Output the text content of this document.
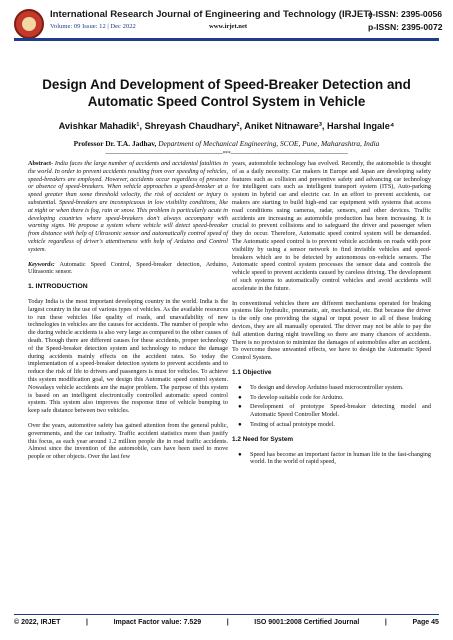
International Research Journal of Engineering and Technology (IRJET)
e-ISSN: 2395-0056
Volume: 09 Issue: 12 | Dec 2022	www.irjet.net	p-ISSN: 2395-0072
Design And Development of Speed-Breaker Detection and Automatic Speed Control System in Vehicle
Avishkar Mahadik¹, Shreyash Chaudhary², Aniket Nitnaware³, Harshal Ingale⁴
Professor Dr. T.A. Jadhav, Department of Mechanical Engineering, SCOE, Pune, Maharashtra, India
---------------------------------------------------------------------***---------------------------------------------------------------------

Abstract- India faces the large number of accidents and accidental fatalities in the world. In order to prevent accidents resulting from over speeding of vehicles, speed-breakers are employed. However, accidents occur regardless of presence or absence of speed-breakers. When vehicle approaches a speed-breaker at a speed greater than some threshold velocity, the risk of accident or injury is substantial. Speed-breakers are inconspicuous in low visibility conditions, like at night or when there is fog, rain or snow. This problem is particularly acute in developing countries where speed-breakers don't always accompany with warning signs. We propose a system where vehicle will detect speed-breaker from distance with help of Ultrasonic sensor and automatically control speed of vehicle regardless of driver's attentiveness with help of Arduino and Control system.

Keywords: Automatic Speed Control, Speed-breaker detection, Arduino, Ultrasonic sensor.

1. INTRODUCTION

Today India is the most important developing country in the world. India is the largest country in the use of various types of vehicles. As the available resources to run these vehicles like quality of roads, and unavailability of new technologies in vehicles are the causes for accidents. The number of people who die during vehicle accidents is also very large as compared to the other causes of death. Though there are different causes for these accidents, proper technology of the Speed-breaker detection system and technology to reduce the damage during accidents mainly effects on the accident rates. So today the implementation of a speed-breaker detection system to prevent accidents and to reduce the risk of life to drivers and passengers is must for vehicles. To achieve this system modification goal, we design this Automatic speed control system. Nowadays vehicle accidents are the major problem. The purpose of this system is based on an intelligent electronically controlled automatic speed control system. This system also improves the response time of vehicle bumping to keep safe distance between two vehicles.

Over the years, automotive safety has gained attention from the general public, governments, and the car industry. Traffic accident statistics more than justify this focus, as each year around 1.2 million people die in road traffic accidents. Almost since the invention of the automobile, cars have been used to move people or other objects. Over the last few

years, automobile technology has evolved. Recently, the automobile is thought of as a daily necessity. Car makers in Europe and Japan are developing safety features such as collision and preventive safety and advancing car technology for intelligent cars such as intelligent transport system (ITS), Auto-parking system in hybrid car and electric car. In an effort to prevent accidents, car makers are starting to build high-end car equipment with systems that access road conditions using cameras, radar, sensors, and other devices. Traffic accidents are increasing as automobile production has been increasing. It is crucial to prevent collisions and to safeguard the driver and passenger when they do occur. Therefore, Automatic speed control system will be demanded. The Automatic speed control is to prevent vehicle accidents on roads with poor visibility by using a sensor network to find invisible vehicles and speed-breakers which are to be detected by autonomous on-vehicle sensors. The Automatic speed control system processes the sensor data and controls the vehicle speed to prevent accidents caused by careless driving. The development of such systems to automatically control vehicles and avoid accidents will accelerate in the future.

In conventional vehicles there are different mechanisms operated for braking systems like hydraulic, pneumatic, air, mechanical, etc. But because the driver is the only one providing the signal or input power to all of these braking devices, they are all manually operated. The driver may not be able to pay the full attention during night travelling so there are many chances of accidents. There is no provision to minimize the damages of automobiles after an accident. To overcome these unwanted effects, we have to design the Automatic Speed Control System.

1.1 Objective
● To design and develop Arduino based microcontroller system.
● To develop suitable code for Arduino.
● Development of prototype Speed-breaker detecting model and Automatic Speed Controller Model.
● Testing of actual prototype model.
1.2 Need for System
● Speed has become an important factor in human life in the fast-changing world. In the world of rapid speed,
© 2022, IRJET	|	Impact Factor value: 7.529	|	ISO 9001:2008 Certified Journal	|	Page 45
